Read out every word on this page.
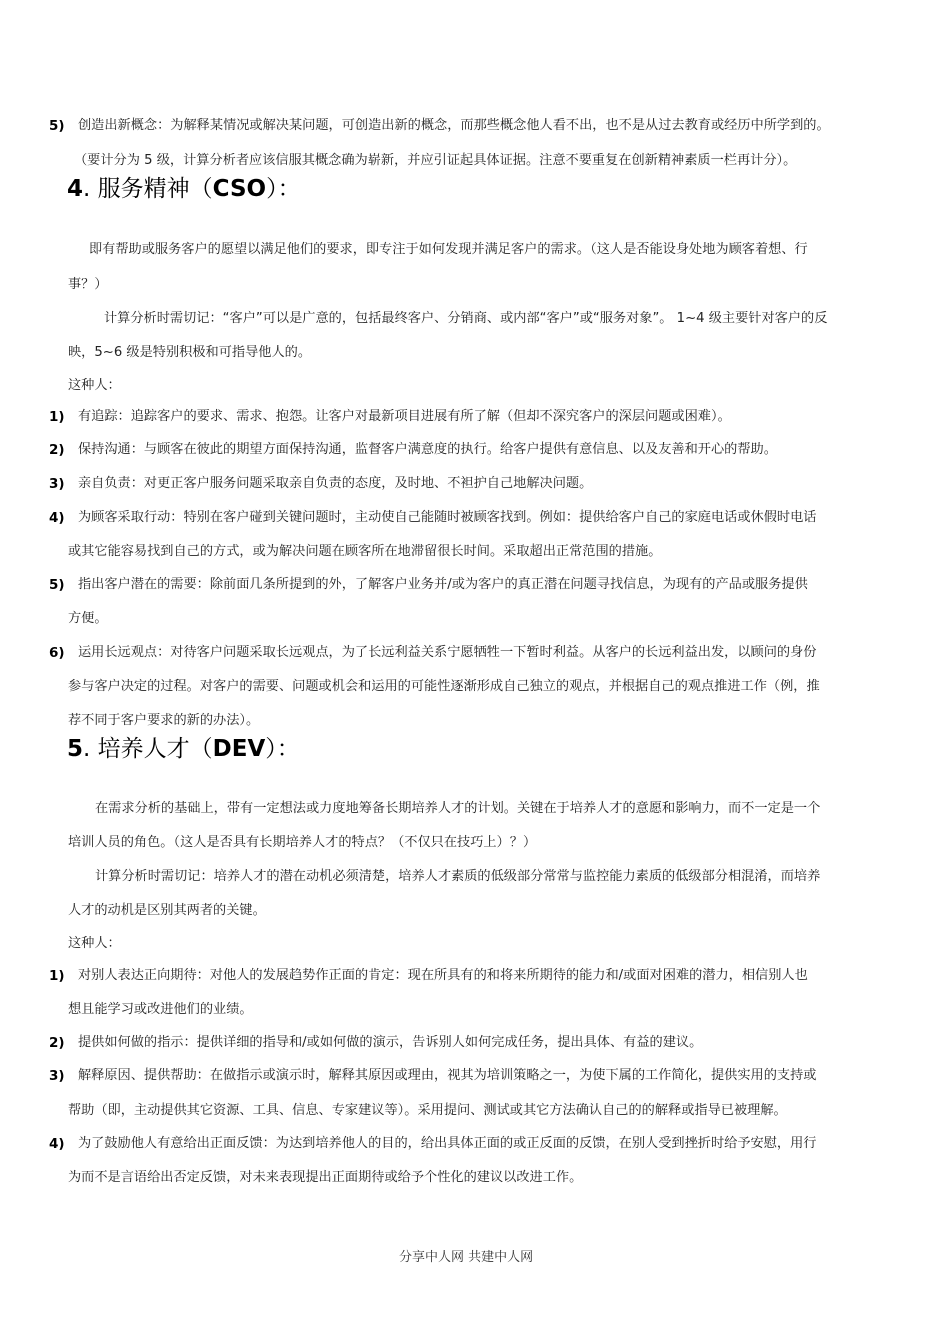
5) 创造出新概念：为解释某情况或解决某问题，可创造出新的概念，而那些概念他人看不出，也不是从过去教育或经历中所学到的。
（要计分为 5 级，计算分析者应该信服其概念确为崭新，并应引证起具体证据。注意不要重复在创新精神素质一栏再计分）。
4. 服务精神（CSO）：
即有帮助或服务客户的愿望以满足他们的要求，即专注于如何发现并满足客户的需求。（这人是否能设身处地为顾客着想、行
事？）
计算分析时需切记：“客户”可以是广意的，包括最终客户、分销商、或内部“客户”或“服务对象”。 1~4 级主要针对客户的反
映，5~6 级是特别积极和可指导他人的。
这种人：
1) 有追踪：追踪客户的要求、需求、抱怨。让客户对最新项目进展有所了解（但却不深究客户的深层问题或困难）。
2) 保持沟通：与顾客在彼此的期望方面保持沟通，监督客户满意度的执行。给客户提供有意信息、以及友善和开心的帮助。
3) 亲自负责：对更正客户服务问题采取亲自负责的态度，及时地、不袒护自己地解决问题。
4) 为顾客采取行动：特别在客户碰到关键问题时，主动使自己能随时被顾客找到。例如：提供给客户自己的家庭电话或休假时电话
或其它能容易找到自己的方式，或为解决问题在顾客所在地滞留很长时间。采取超出正常范围的措施。
5) 指出客户潜在的需要：除前面几条所提到的外，了解客户业务并/或为客户的真正潜在问题寻找信息，为现有的产品或服务提供
方便。
6) 运用长远观点：对待客户问题采取长远观点，为了长远利益关系宁愿牺牲一下暂时利益。从客户的长远利益出发，以顾问的身份
参与客户决定的过程。对客户的需要、问题或机会和运用的可能性逐渐形成自己独立的观点，并根据自己的观点推进工作（例，推
荐不同于客户要求的新的办法）。
5. 培养人才（DEV）：
在需求分析的基础上，带有一定想法或力度地筹备长期培养人才的计划。关键在于培养人才的意愿和影响力，而不一定是一个
培训人员的角色。（这人是否具有长期培养人才的特点？（不仅只在技巧上）？）
计算分析时需切记：培养人才的潜在动机必须清楚，培养人才素质的低级部分常常与监控能力素质的低级部分相混淆，而培养
人才的动机是区别其两者的关键。
这种人：
1) 对别人表达正向期待：对他人的发展趋势作正面的肯定：现在所具有的和将来所期待的能力和/或面对困难的潜力，相信别人也
想且能学习或改进他们的业绩。
2) 提供如何做的指示：提供详细的指导和/或如何做的演示，告诉别人如何完成任务，提出具体、有益的建议。
3) 解释原因、提供帮助：在做指示或演示时，解释其原因或理由，视其为培训策略之一，为使下属的工作简化，提供实用的支持或
帮助（即，主动提供其它资源、工具、信息、专家建议等）。采用提问、测试或其它方法确认自己的的解释或指导已被理解。
4) 为了鼓励他人有意给出正面反馈：为达到培养他人的目的，给出具体正面的或正反面的反馈，在别人受到挫折时给予安慰，用行
为而不是言语给出否定反馈，对未来表现提出正面期待或给予个性化的建议以改进工作。
分享中人网 共建中人网
